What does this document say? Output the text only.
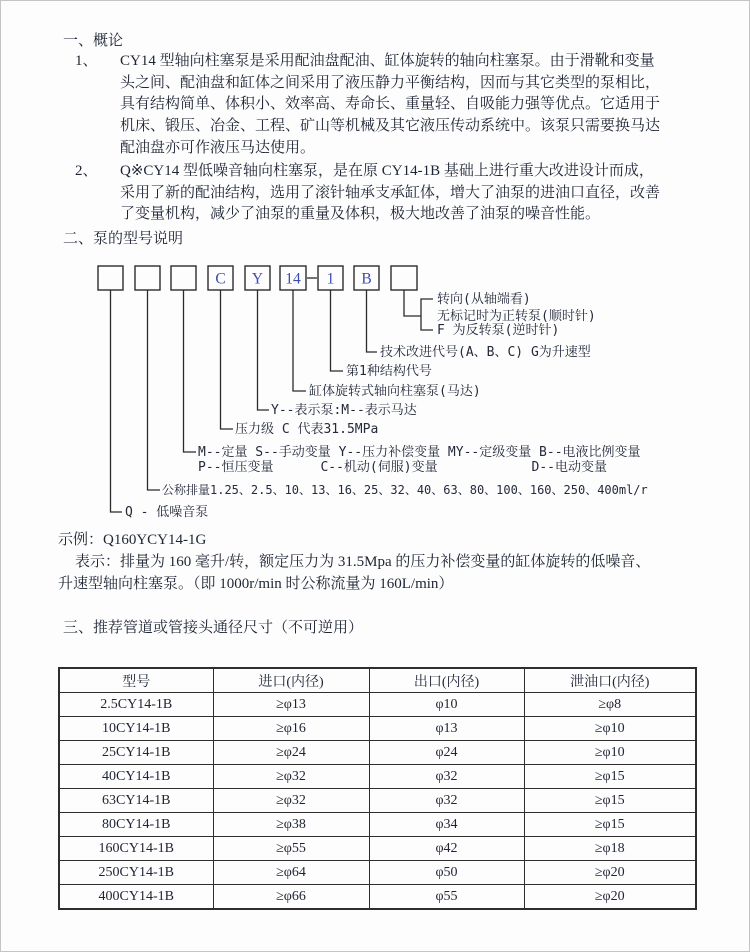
一、概论
1、 CY14 型轴向柱塞泵是采用配油盘配油、缸体旋转的轴向柱塞泵。由于滑靴和变量
头之间、配油盘和缸体之间采用了液压静力平衡结构，因而与其它类型的泵相比，
具有结构简单、体积小、效率高、寿命长、重量轻、自吸能力强等优点。它适用于
机床、锻压、冶金、工程、矿山等机械及其它液压传动系统中。该泵只需要换马达
配油盘亦可作液压马达使用。
2、 Q※CY14 型低噪音轴向柱塞泵，是在原 CY14-1B 基础上进行重大改进设计而成，
采用了新的配油结构，选用了滚针轴承支承缸体，增大了油泵的进油口直径，改善
了变量机构，减少了油泵的重量及体积，极大地改善了油泵的噪音性能。
二、泵的型号说明
C Y 14 1 B
转向(从轴端看)
无标记时为正转泵(顺时针)
F 为反转泵(逆时针)
技术改进代号(A、B、C) G为升速型
第1种结构代号
缸体旋转式轴向柱塞泵(马达)
Y--表示泵:M--表示马达
压力级 C 代表31.5MPa
M--定量 S--手动变量 Y--压力补偿变量 MY--定级变量 B--电液比例变量
P--恒压变量      C--机动(伺服)变量            D--电动变量
公称排量1.25、2.5、10、13、16、25、32、40、63、80、100、160、250、400ml/r
Q - 低噪音泵
示例：Q160YCY14-1G
表示：排量为 160 毫升/转，额定压力为 31.5Mpa 的压力补偿变量的缸体旋转的低噪音、
升速型轴向柱塞泵。（即 1000r/min 时公称流量为 160L/min）
三、推荐管道或管接头通径尺寸（不可逆用）
型号	进口(内径)	出口(内径)	泄油口(内径)
2.5CY14-1B	≥φ13	φ10	≥φ8
10CY14-1B	≥φ16	φ13	≥φ10
25CY14-1B	≥φ24	φ24	≥φ10
40CY14-1B	≥φ32	φ32	≥φ15
63CY14-1B	≥φ32	φ32	≥φ15
80CY14-1B	≥φ38	φ34	≥φ15
160CY14-1B	≥φ55	φ42	≥φ18
250CY14-1B	≥φ64	φ50	≥φ20
400CY14-1B	≥φ66	φ55	≥φ20
